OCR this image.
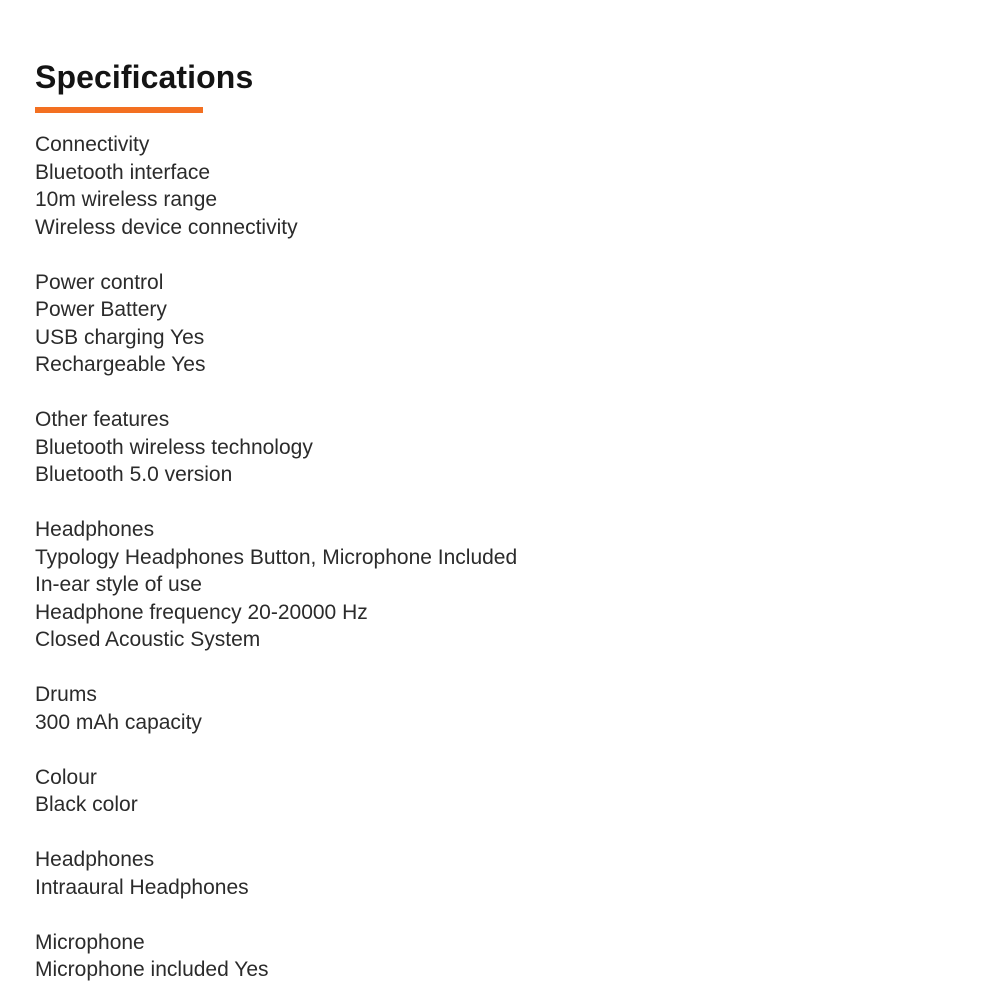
Specifications
Connectivity
Bluetooth interface
10m wireless range
Wireless device connectivity
Power control
Power Battery
USB charging Yes
Rechargeable Yes
Other features
Bluetooth wireless technology
Bluetooth 5.0 version
Headphones
Typology Headphones Button, Microphone Included
In-ear style of use
Headphone frequency 20-20000 Hz
Closed Acoustic System
Drums
300 mAh capacity
Colour
Black color
Headphones
Intraaural Headphones
Microphone
Microphone included Yes
